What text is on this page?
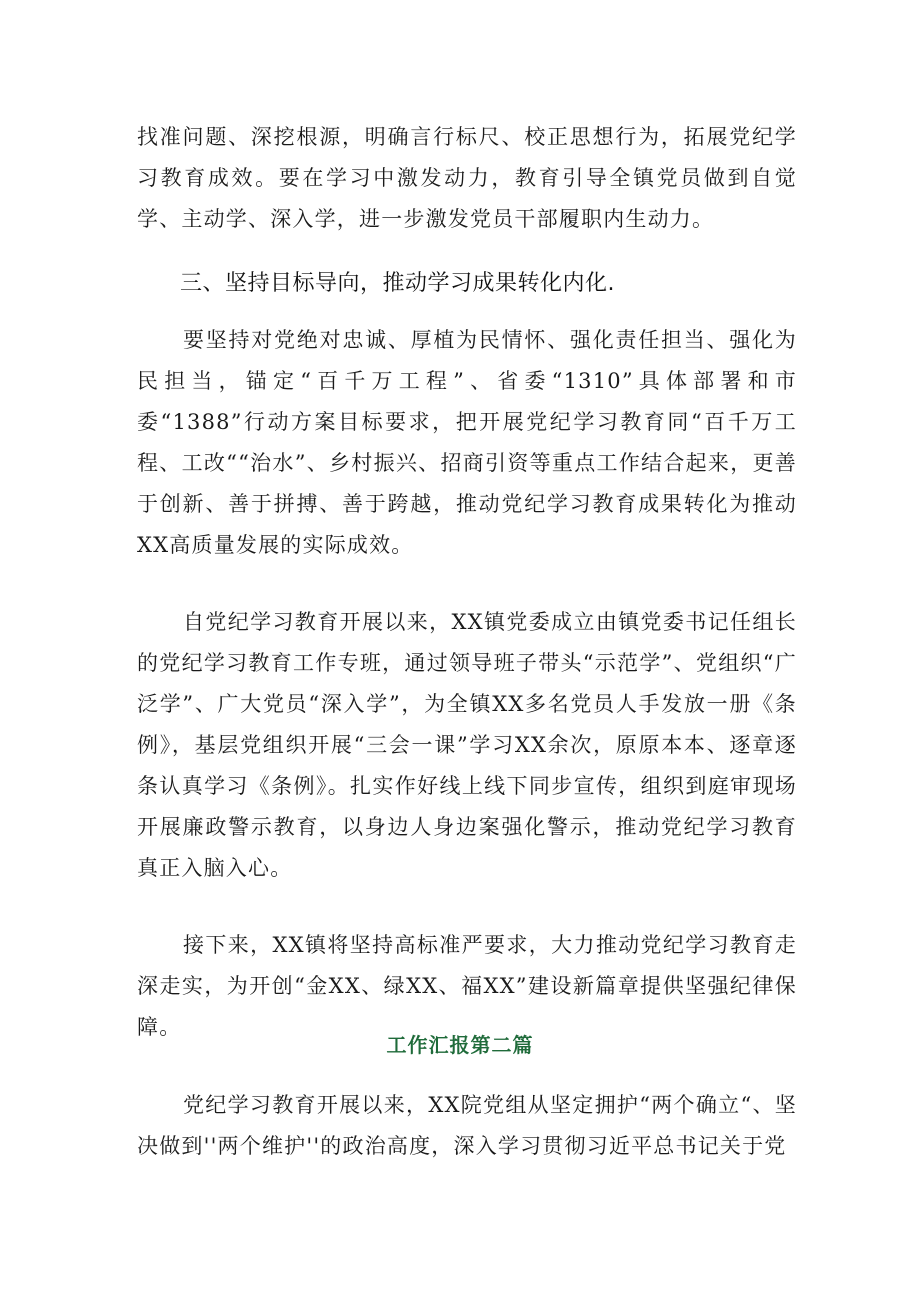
找准问题、深挖根源，明确言行标尺、校正思想行为，拓展党纪学习教育成效。要在学习中激发动力，教育引导全镇党员做到自觉学、主动学、深入学，进一步激发党员干部履职内生动力。

三、坚持目标导向，推动学习成果转化内化.

要坚持对党绝对忠诚、厚植为民情怀、强化责任担当、强化为民担当，锚定“百千万工程”、省委“1310”具体部署和市委“1388”行动方案目标要求，把开展党纪学习教育同“百千万工程、工改““治水”、乡村振兴、招商引资等重点工作结合起来，更善于创新、善于拼搏、善于跨越，推动党纪学习教育成果转化为推动XX高质量发展的实际成效。

自党纪学习教育开展以来，XX镇党委成立由镇党委书记任组长的党纪学习教育工作专班，通过领导班子带头“示范学”、党组织“广泛学”、广大党员“深入学”，为全镇XX多名党员人手发放一册《条例》，基层党组织开展“三会一课”学习XX余次，原原本本、逐章逐条认真学习《条例》。扎实作好线上线下同步宣传，组织到庭审现场开展廉政警示教育，以身边人身边案强化警示，推动党纪学习教育真正入脑入心。

接下来，XX镇将坚持高标准严要求，大力推动党纪学习教育走深走实，为开创“金XX、绿XX、福XX”建设新篇章提供坚强纪律保障。

工作汇报第二篇

党纪学习教育开展以来，XX院党组从坚定拥护“两个确立“、坚决做到''两个维护''的政治高度，深入学习贯彻习近平总书记关于党
